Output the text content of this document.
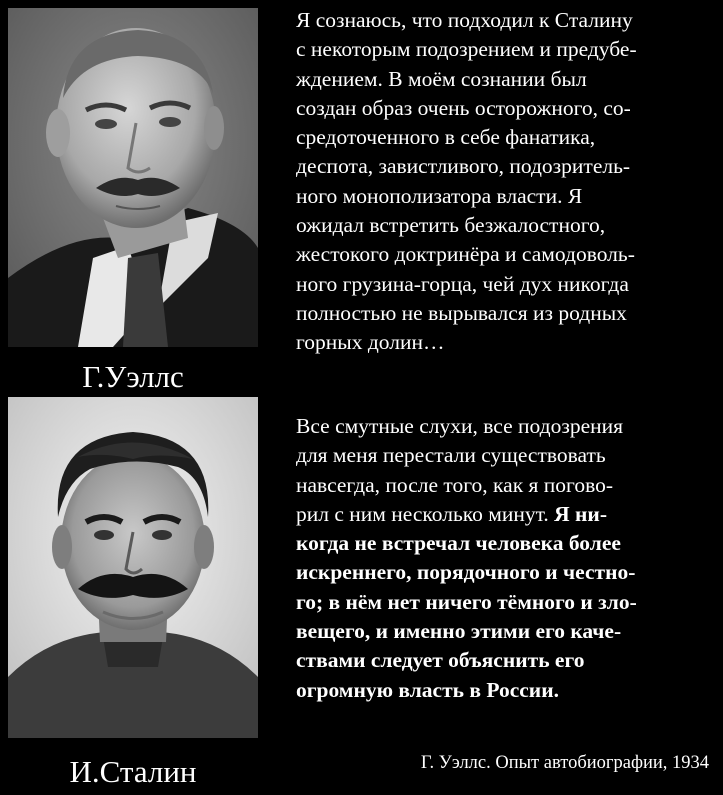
Г.Уэллс
И.Сталин

Я сознаюсь, что подходил к Сталину
с некоторым подозрением и предубе-
ждением. В моём сознании был
создан образ очень осторожного, со-
средоточенного в себе фанатика,
деспота, завистливого, подозритель-
ного монополизатора власти. Я
ожидал встретить безжалостного,
жестокого доктринёра и самодоволь-
ного грузина-горца, чей дух никогда
полностью не вырывался из родных
горных долин…

Все смутные слухи, все подозрения
для меня перестали существовать
навсегда, после того, как я погово-
рил с ним несколько минут. Я ни-
когда не встречал человека более
искреннего, порядочного и честно-
го; в нём нет ничего тёмного и зло-
вещего, и именно этими его каче-
ствами следует объяснить его
огромную власть в России.

Г. Уэллс. Опыт автобиографии, 1934
